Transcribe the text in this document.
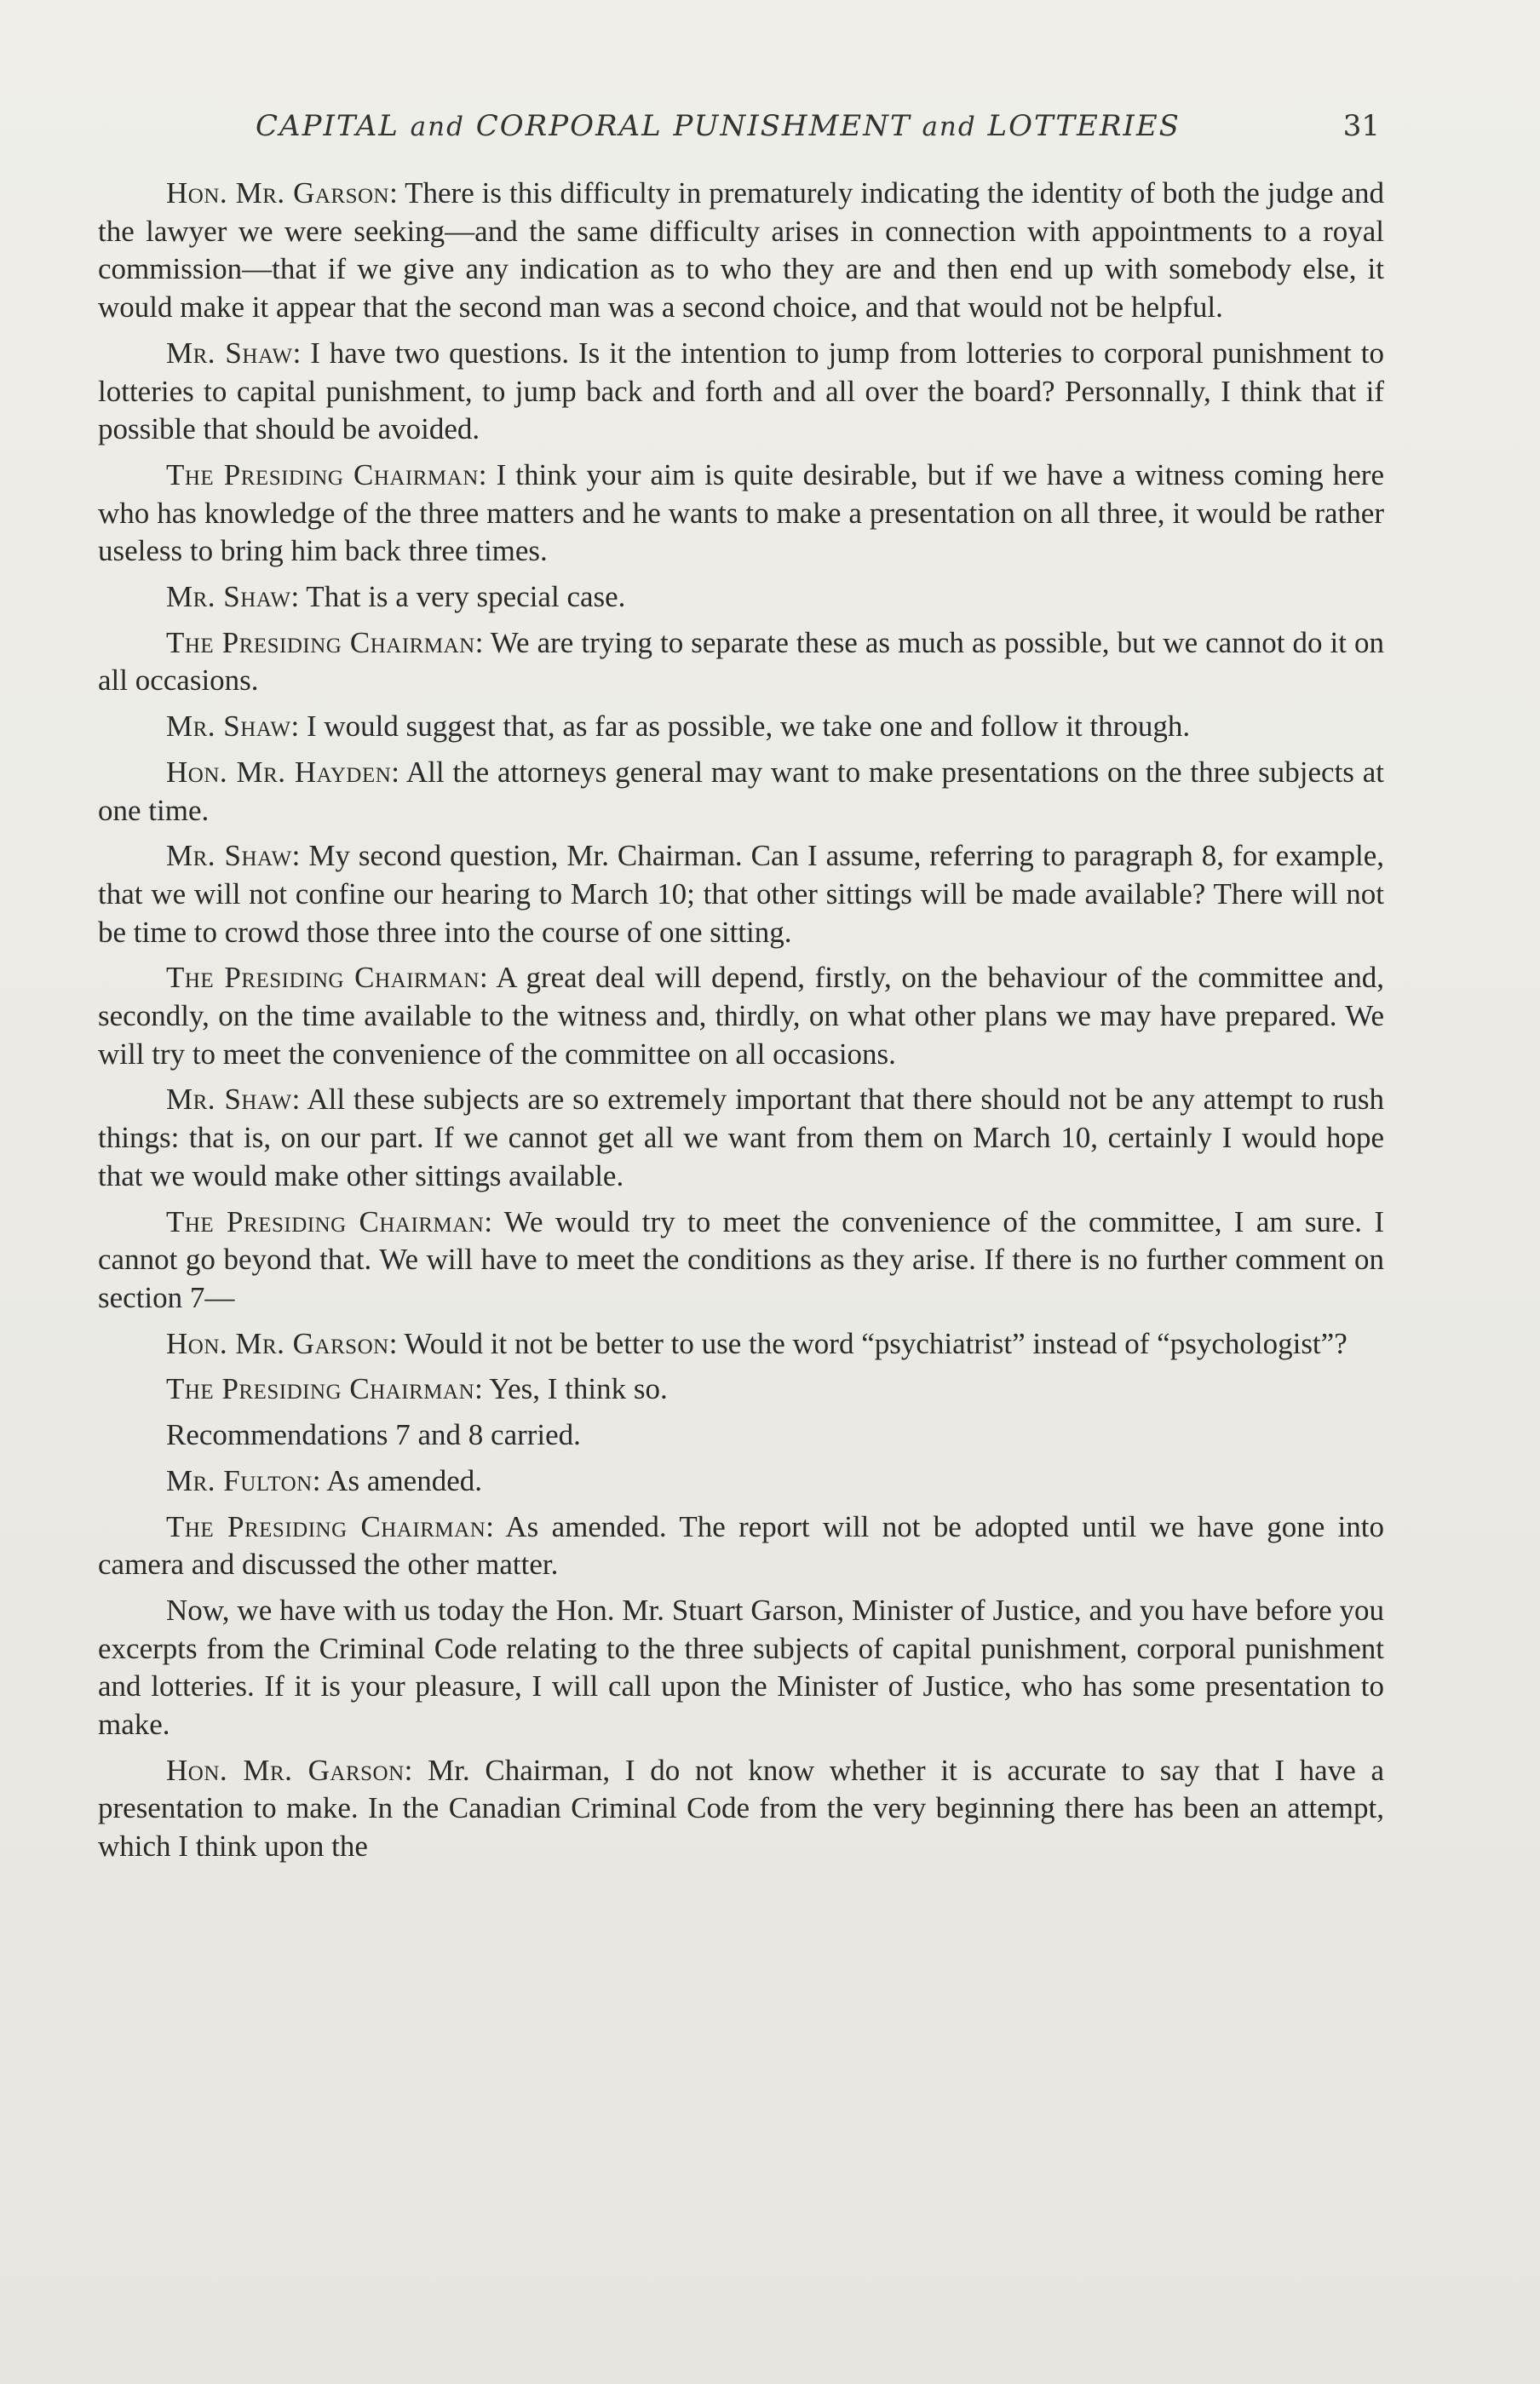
CAPITAL and CORPORAL PUNISHMENT and LOTTERIES	31

Hon. Mr. Garson: There is this difficulty in prematurely indicating the identity of both the judge and the lawyer we were seeking—and the same difficulty arises in connection with appointments to a royal commission—that if we give any indication as to who they are and then end up with somebody else, it would make it appear that the second man was a second choice, and that would not be helpful.

Mr. Shaw: I have two questions. Is it the intention to jump from lotteries to corporal punishment to lotteries to capital punishment, to jump back and forth and all over the board? Personnally, I think that if possible that should be avoided.

The Presiding Chairman: I think your aim is quite desirable, but if we have a witness coming here who has knowledge of the three matters and he wants to make a presentation on all three, it would be rather useless to bring him back three times.

Mr. Shaw: That is a very special case.

The Presiding Chairman: We are trying to separate these as much as possible, but we cannot do it on all occasions.

Mr. Shaw: I would suggest that, as far as possible, we take one and follow it through.

Hon. Mr. Hayden: All the attorneys general may want to make presentations on the three subjects at one time.

Mr. Shaw: My second question, Mr. Chairman. Can I assume, referring to paragraph 8, for example, that we will not confine our hearing to March 10; that other sittings will be made available? There will not be time to crowd those three into the course of one sitting.

The Presiding Chairman: A great deal will depend, firstly, on the behaviour of the committee and, secondly, on the time available to the witness and, thirdly, on what other plans we may have prepared. We will try to meet the convenience of the committee on all occasions.

Mr. Shaw: All these subjects are so extremely important that there should not be any attempt to rush things: that is, on our part. If we cannot get all we want from them on March 10, certainly I would hope that we would make other sittings available.

The Presiding Chairman: We would try to meet the convenience of the committee, I am sure. I cannot go beyond that. We will have to meet the conditions as they arise. If there is no further comment on section 7—

Hon. Mr. Garson: Would it not be better to use the word “psychiatrist” instead of “psychologist”?

The Presiding Chairman: Yes, I think so.

Recommendations 7 and 8 carried.

Mr. Fulton: As amended.

The Presiding Chairman: As amended. The report will not be adopted until we have gone into camera and discussed the other matter.

Now, we have with us today the Hon. Mr. Stuart Garson, Minister of Justice, and you have before you excerpts from the Criminal Code relating to the three subjects of capital punishment, corporal punishment and lotteries. If it is your pleasure, I will call upon the Minister of Justice, who has some presentation to make.

Hon. Mr. Garson: Mr. Chairman, I do not know whether it is accurate to say that I have a presentation to make. In the Canadian Criminal Code from the very beginning there has been an attempt, which I think upon the
